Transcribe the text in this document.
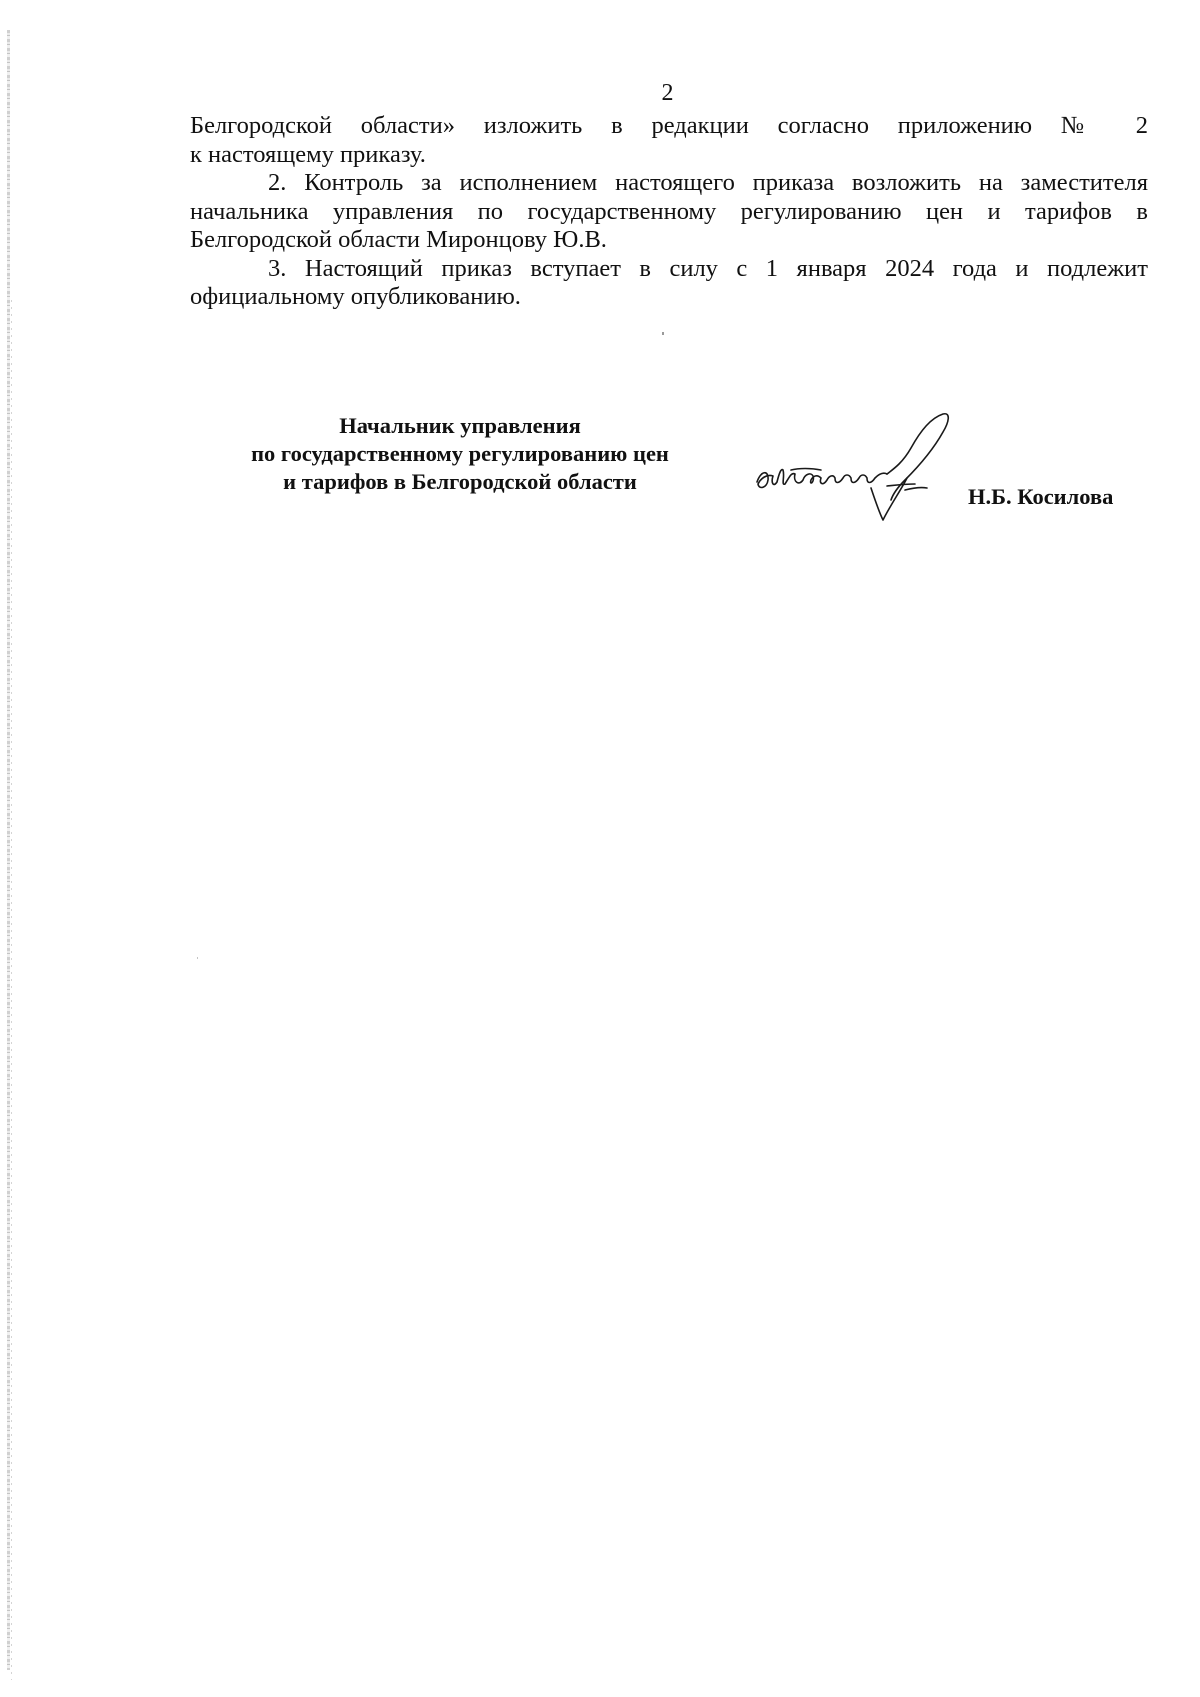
2

Белгородской области» изложить в редакции согласно приложению № 2

к настоящему приказу.

2. Контроль за исполнением настоящего приказа возложить на заместителя начальника управления по государственному регулированию цен и тарифов в Белгородской области Миронцову Ю.В.

3. Настоящий приказ вступает в силу с 1 января 2024 года и подлежит официальному опубликованию.

Начальник управления
по государственному регулированию цен
и тарифов в Белгородской области
Н.Б. Косилова
